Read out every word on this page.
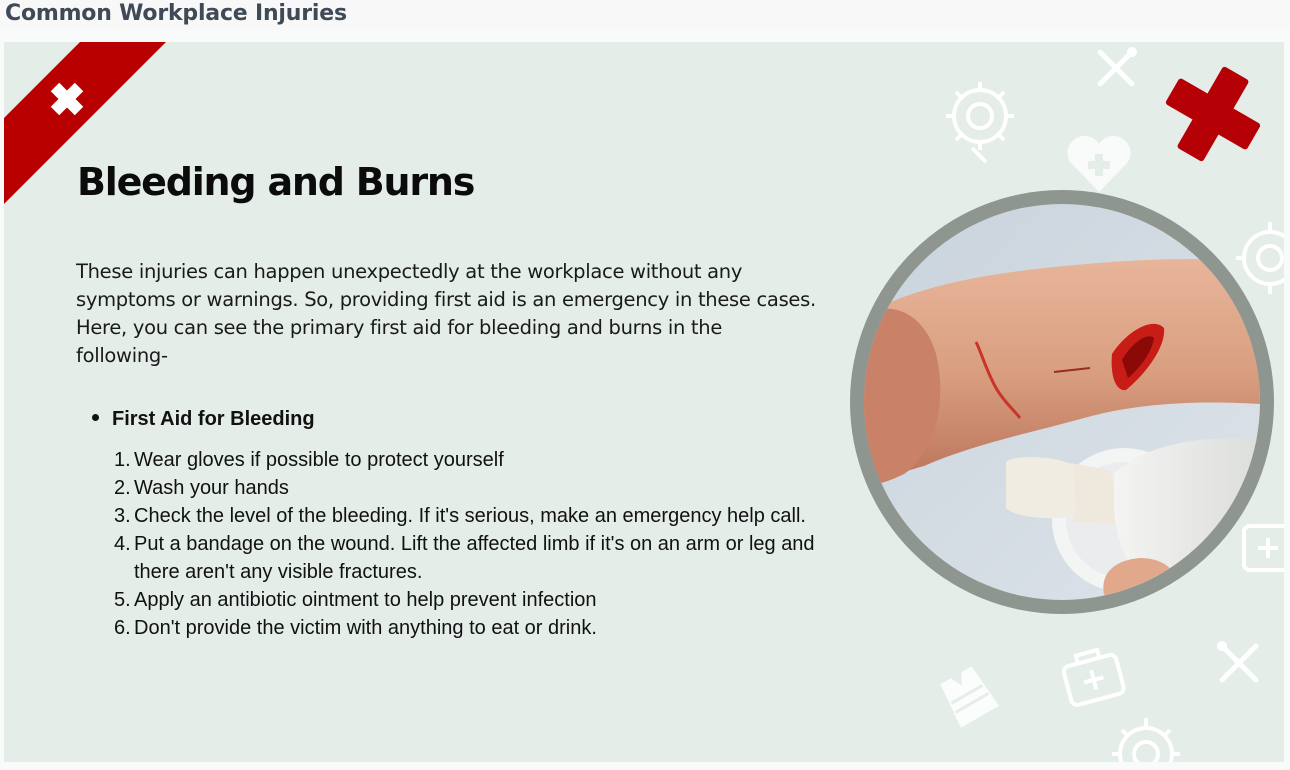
Common Workplace Injuries
Bleeding and Burns

These injuries can happen unexpectedly at the workplace without any symptoms or warnings. So, providing first aid is an emergency in these cases.

Here, you can see the primary first aid for bleeding and burns in the following-

First Aid for Bleeding
1. Wear gloves if possible to protect yourself
2. Wash your hands
3. Check the level of the bleeding. If it's serious, make an emergency help call.
4. Put a bandage on the wound. Lift the affected limb if it's on an arm or leg and there aren't any visible fractures.
5. Apply an antibiotic ointment to help prevent infection
6. Don't provide the victim with anything to eat or drink.
